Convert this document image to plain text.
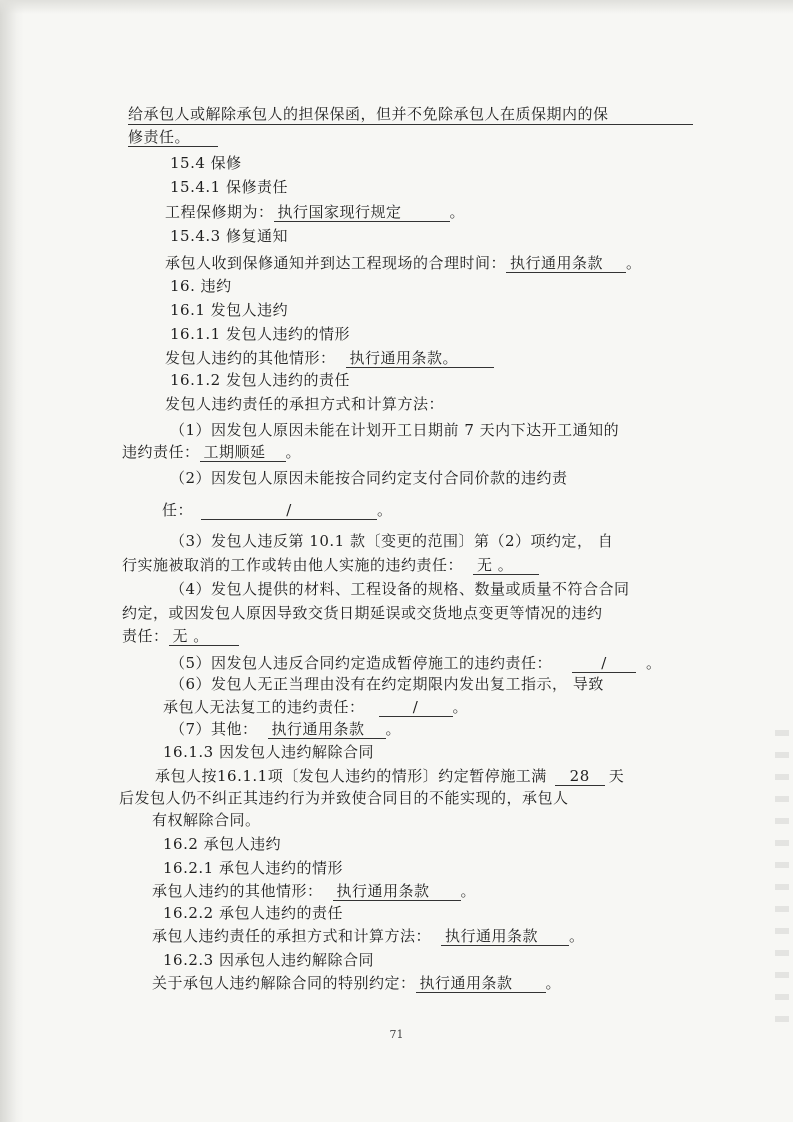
给承包人或解除承包人的担保保函，但并不免除承包人在质保期内的保
修责任。
15.4 保修
15.4.1 保修责任
工程保修期为： 执行国家现行规定	。
15.4.3 修复通知
承包人收到保修通知并到达工程现场的合理时间： 执行通用条款 。
16. 违约
16.1 发包人违约
16.1.1 发包人违约的情形
发包人违约的其他情形： 执行通用条款。
16.1.2 发包人违约的责任
发包人违约责任的承担方式和计算方法：
（1）因发包人原因未能在计划开工日期前 7 天内下达开工通知的
违约责任： 工期顺延 。
（2）因发包人原因未能按合同约定支付合同价款的违约责
任：	/	。
（3）发包人违反第 10.1 款〔变更的范围〕第（2）项约定， 自
行实施被取消的工作或转由他人实施的违约责任： 无 。
（4）发包人提供的材料、工程设备的规格、数量或质量不符合合同
约定，或因发包人原因导致交货日期延误或交货地点变更等情况的违约
责任： 无 。
（5）因发包人违反合同约定造成暂停施工的违约责任：	/	。
（6）发包人无正当理由没有在约定期限内发出复工指示， 导致
承包人无法复工的违约责任：	/ 。
（7）其他： 执行通用条款 。
16.1.3 因发包人违约解除合同
承包人按16.1.1项〔发包人违约的情形〕约定暂停施工满 28 天
后发包人仍不纠正其违约行为并致使合同目的不能实现的，承包人
有权解除合同。
16.2 承包人违约
16.2.1 承包人违约的情形
承包人违约的其他情形： 执行通用条款 。
16.2.2 承包人违约的责任
承包人违约责任的承担方式和计算方法： 执行通用条款 。
16.2.3 因承包人违约解除合同
关于承包人违约解除合同的特别约定： 执行通用条款 。
71
